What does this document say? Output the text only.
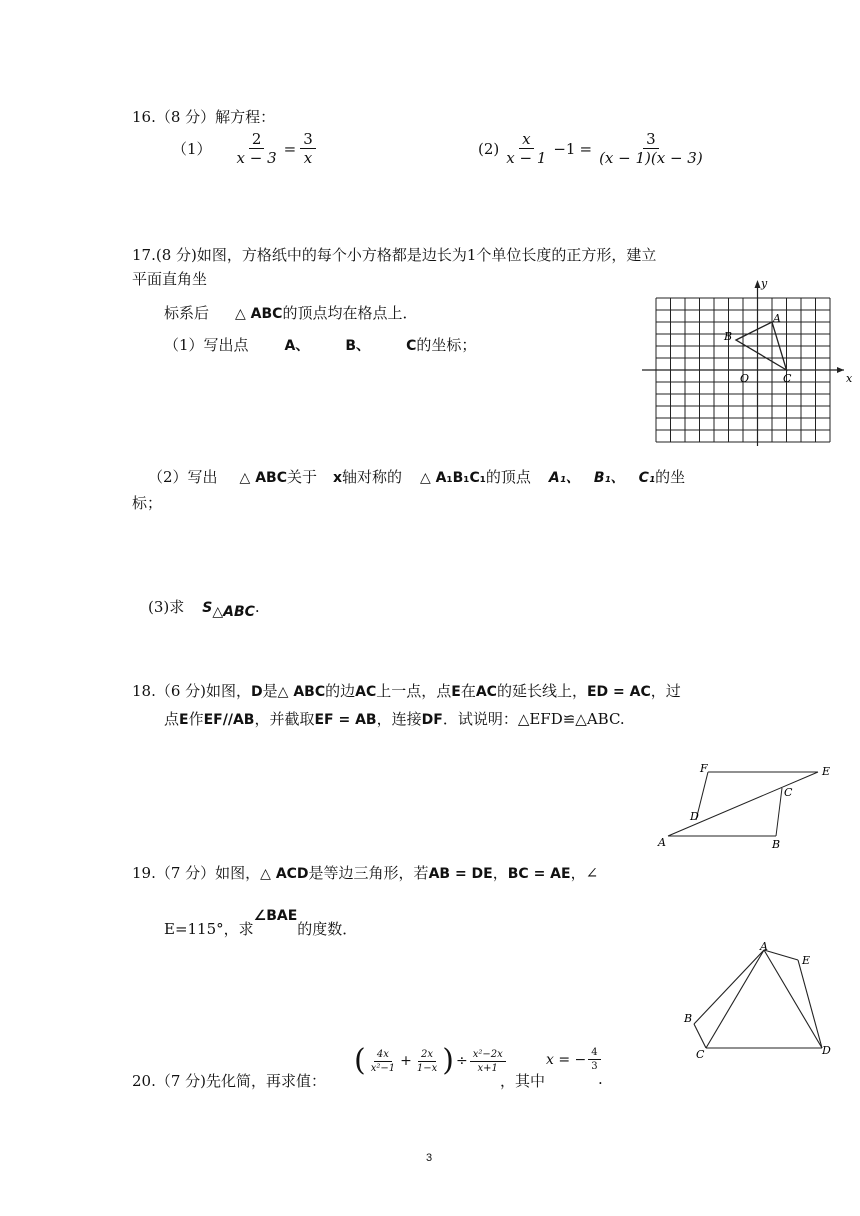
16.（8 分）解方程：
$(1) \frac{2}{x - 3} = \frac{3}{x}$	$(2) \frac{x}{x - 1} -1 = \frac{3}{(x - 1)(x - 3)}$
17.(8 分)如图，方格纸中的每个小方格都是边长为1个单位长度的正方形，建立
平面直角坐
标系后 △ ABC的顶点均在格点上．
（1）写出点	A、	B、	C的坐标；
x
y
O
A
B
C
（2）写出 △ ABC关于 x轴对称的 △ A₁B₁C₁的顶点 A₁、 B₁、 C₁的坐
标；
(3)求 $S_{\triangle ABC}$.
18.（6 分)如图，D是△ ABC的边AC上一点，点E在AC的延长线上，ED = AC，过
点E作EF//AB，并截取EF = AB，连接DF．试说明：△EFD≌△ABC.
A	B
C
D
E
F
19.（7 分）如图，△ ACD是等边三角形，若AB = DE，BC = AE，∠
E=115°，求∠BAE的度数．
A
B
C	D
E
20.（7 分)先化简，再求值：
( $\frac{4x}{\text{x²−1}} + \frac{2x}{1-x}$ ) ÷ $\frac{\text{x²−2x}}{x+1}$
，其中
x = − $\frac{4}{3}$
.
3
